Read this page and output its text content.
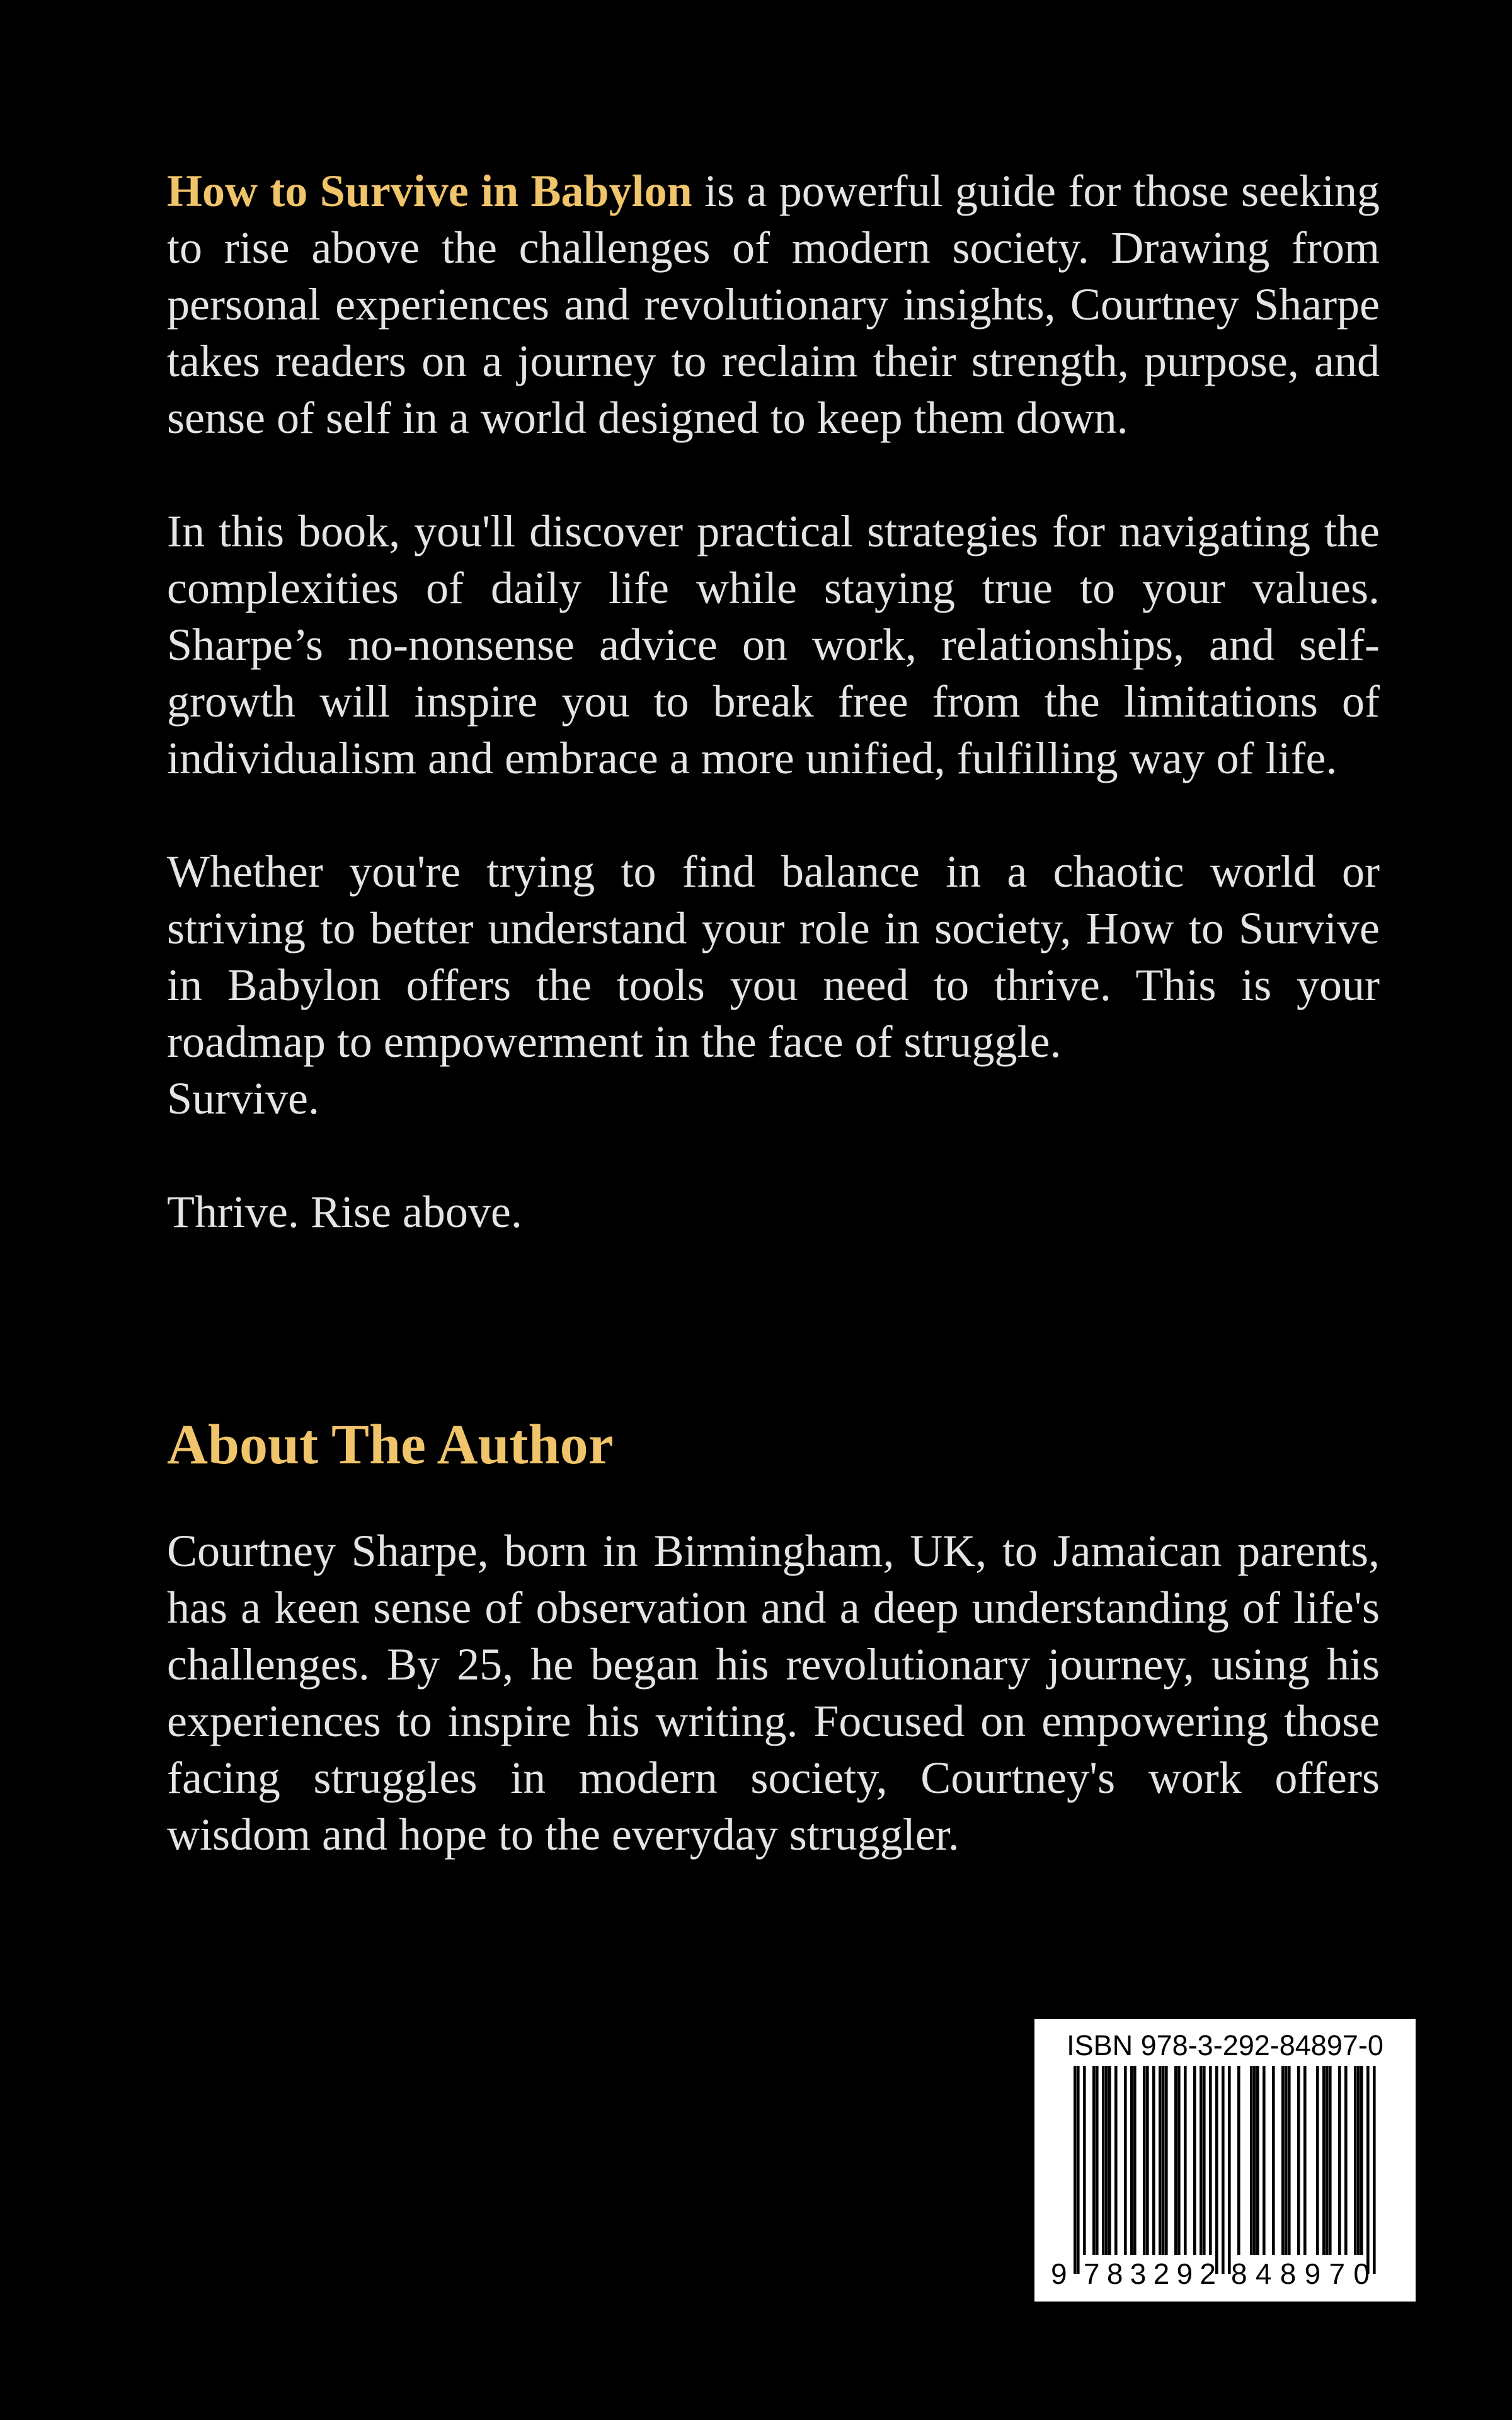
How to Survive in Babylon is a powerful guide for those seeking to rise above the challenges of modern society. Drawing from personal experiences and revolutionary insights, Courtney Sharpe takes readers on a journey to reclaim their strength, purpose, and sense of self in a world designed to keep them down.

In this book, you'll discover practical strategies for navigating the complexities of daily life while staying true to your values. Sharpe’s no-nonsense advice on work, relationships, and self-growth will inspire you to break free from the limitations of individualism and embrace a more unified, fulfilling way of life.

Whether you're trying to find balance in a chaotic world or striving to better understand your role in society, How to Survive in Babylon offers the tools you need to thrive. This is your roadmap to empowerment in the face of struggle.

Survive.

Thrive. Rise above.

About The Author

Courtney Sharpe, born in Birmingham, UK, to Jamaican parents, has a keen sense of observation and a deep understanding of life's challenges. By 25, he began his revolutionary journey, using his experiences to inspire his writing. Focused on empowering those facing struggles in modern society, Courtney's work offers wisdom and hope to the everyday struggler.

ISBN 978-3-292-84897-0
9 783292 848970
